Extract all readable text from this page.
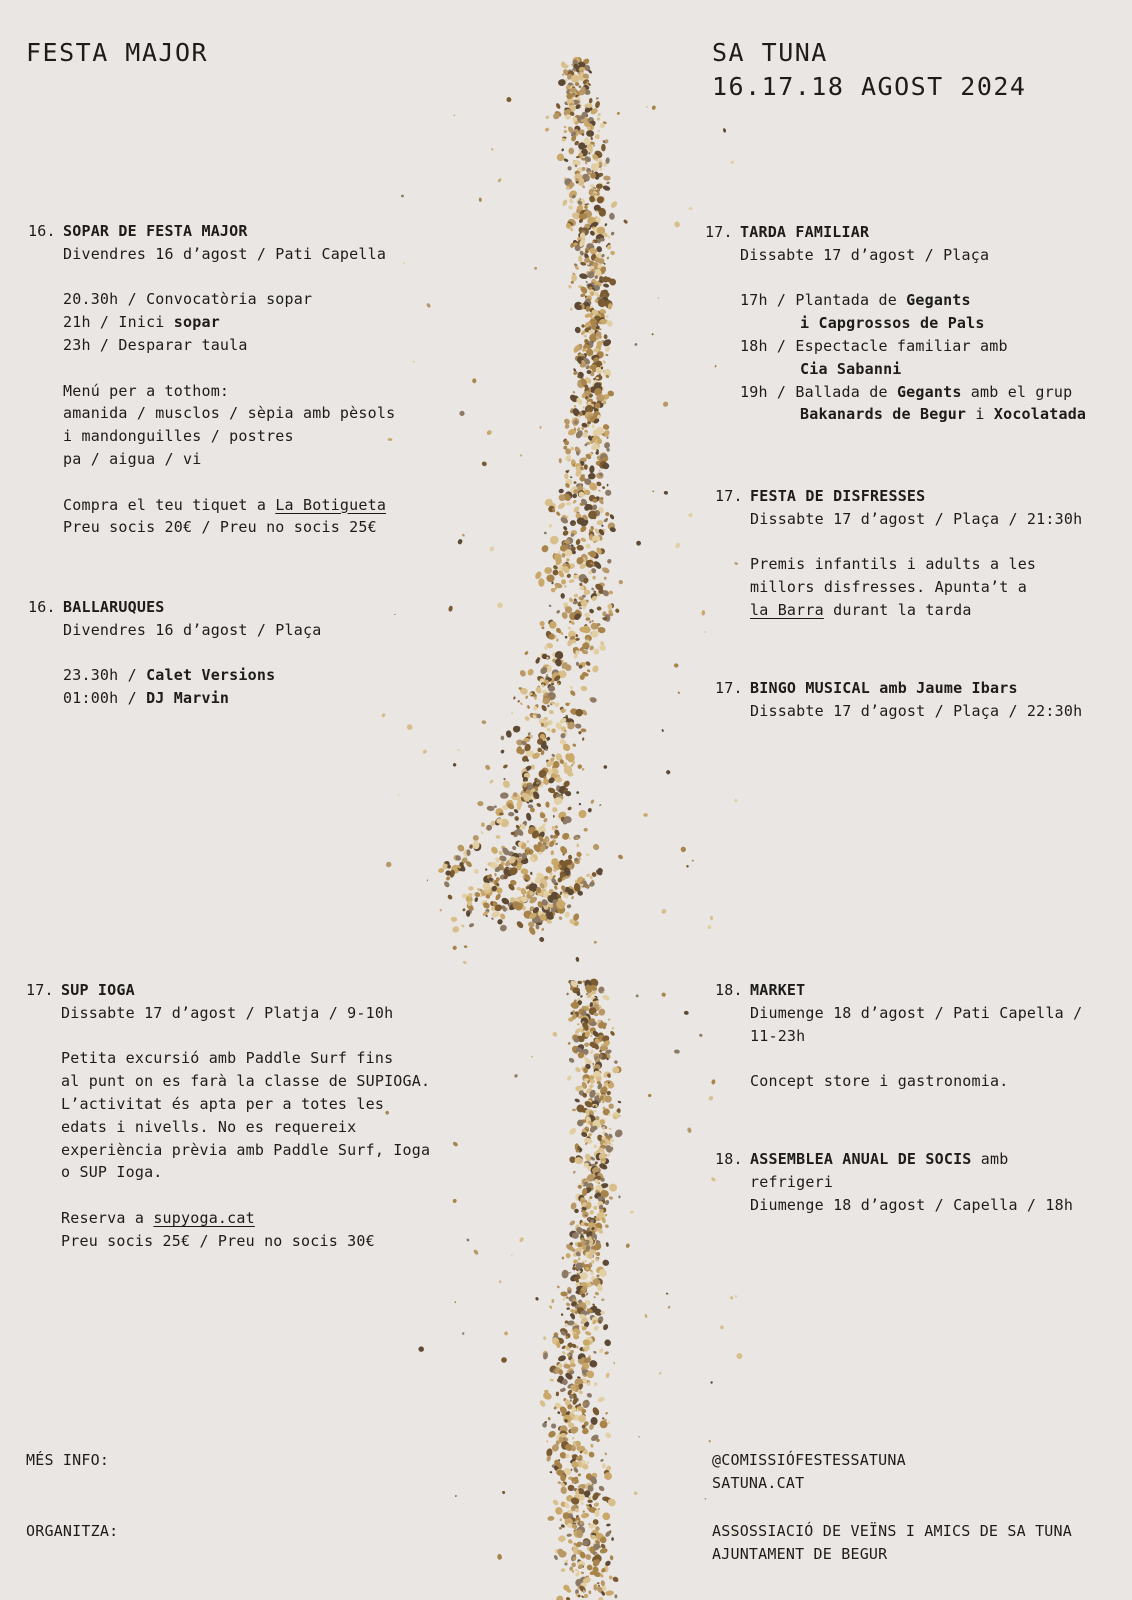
FESTA MAJOR	SA TUNA
16.17.18 AGOST 2024
16. SOPAR DE FESTA MAJOR
Divendres 16 d’agost / Pati Capella
20.30h / Convocatòria sopar
21h / Inici sopar
23h / Desparar taula
Menú per a tothom:
amanida / musclos / sèpia amb pèsols
i mandonguilles / postres
pa / aigua / vi
Compra el teu tiquet a La Botigueta
Preu socis 20€ / Preu no socis 25€
16. BALLARUQUES
Divendres 16 d’agost / Plaça
23.30h / Calet Versions
01:00h / DJ Marvin
17. TARDA FAMILIAR
Dissabte 17 d’agost / Plaça
17h / Plantada de Gegants
i Capgrossos de Pals
18h / Espectacle familiar amb
Cia Sabanni
19h / Ballada de Gegants amb el grup
Bakanards de Begur i Xocolatada
17. FESTA DE DISFRESSES
Dissabte 17 d’agost / Plaça / 21:30h
Premis infantils i adults a les
millors disfresses. Apunta’t a
la Barra durant la tarda
17. BINGO MUSICAL amb Jaume Ibars
Dissabte 17 d’agost / Plaça / 22:30h
17. SUP IOGA
Dissabte 17 d’agost / Platja / 9-10h
Petita excursió amb Paddle Surf fins
al punt on es farà la classe de SUPIOGA.
L’activitat és apta per a totes les
edats i nivells. No es requereix
experiència prèvia amb Paddle Surf, Ioga
o SUP Ioga.
Reserva a supyoga.cat
Preu socis 25€ / Preu no socis 30€
18. MARKET
Diumenge 18 d’agost / Pati Capella /
11-23h
Concept store i gastronomia.
18. ASSEMBLEA ANUAL DE SOCIS amb
refrigeri
Diumenge 18 d’agost / Capella / 18h
MÉS INFO:	@COMISSIÓFESTESSATUNA
SATUNA.CAT
ORGANITZA:	ASSOSSIACIÓ DE VEÏNS I AMICS DE SA TUNA
AJUNTAMENT DE BEGUR
